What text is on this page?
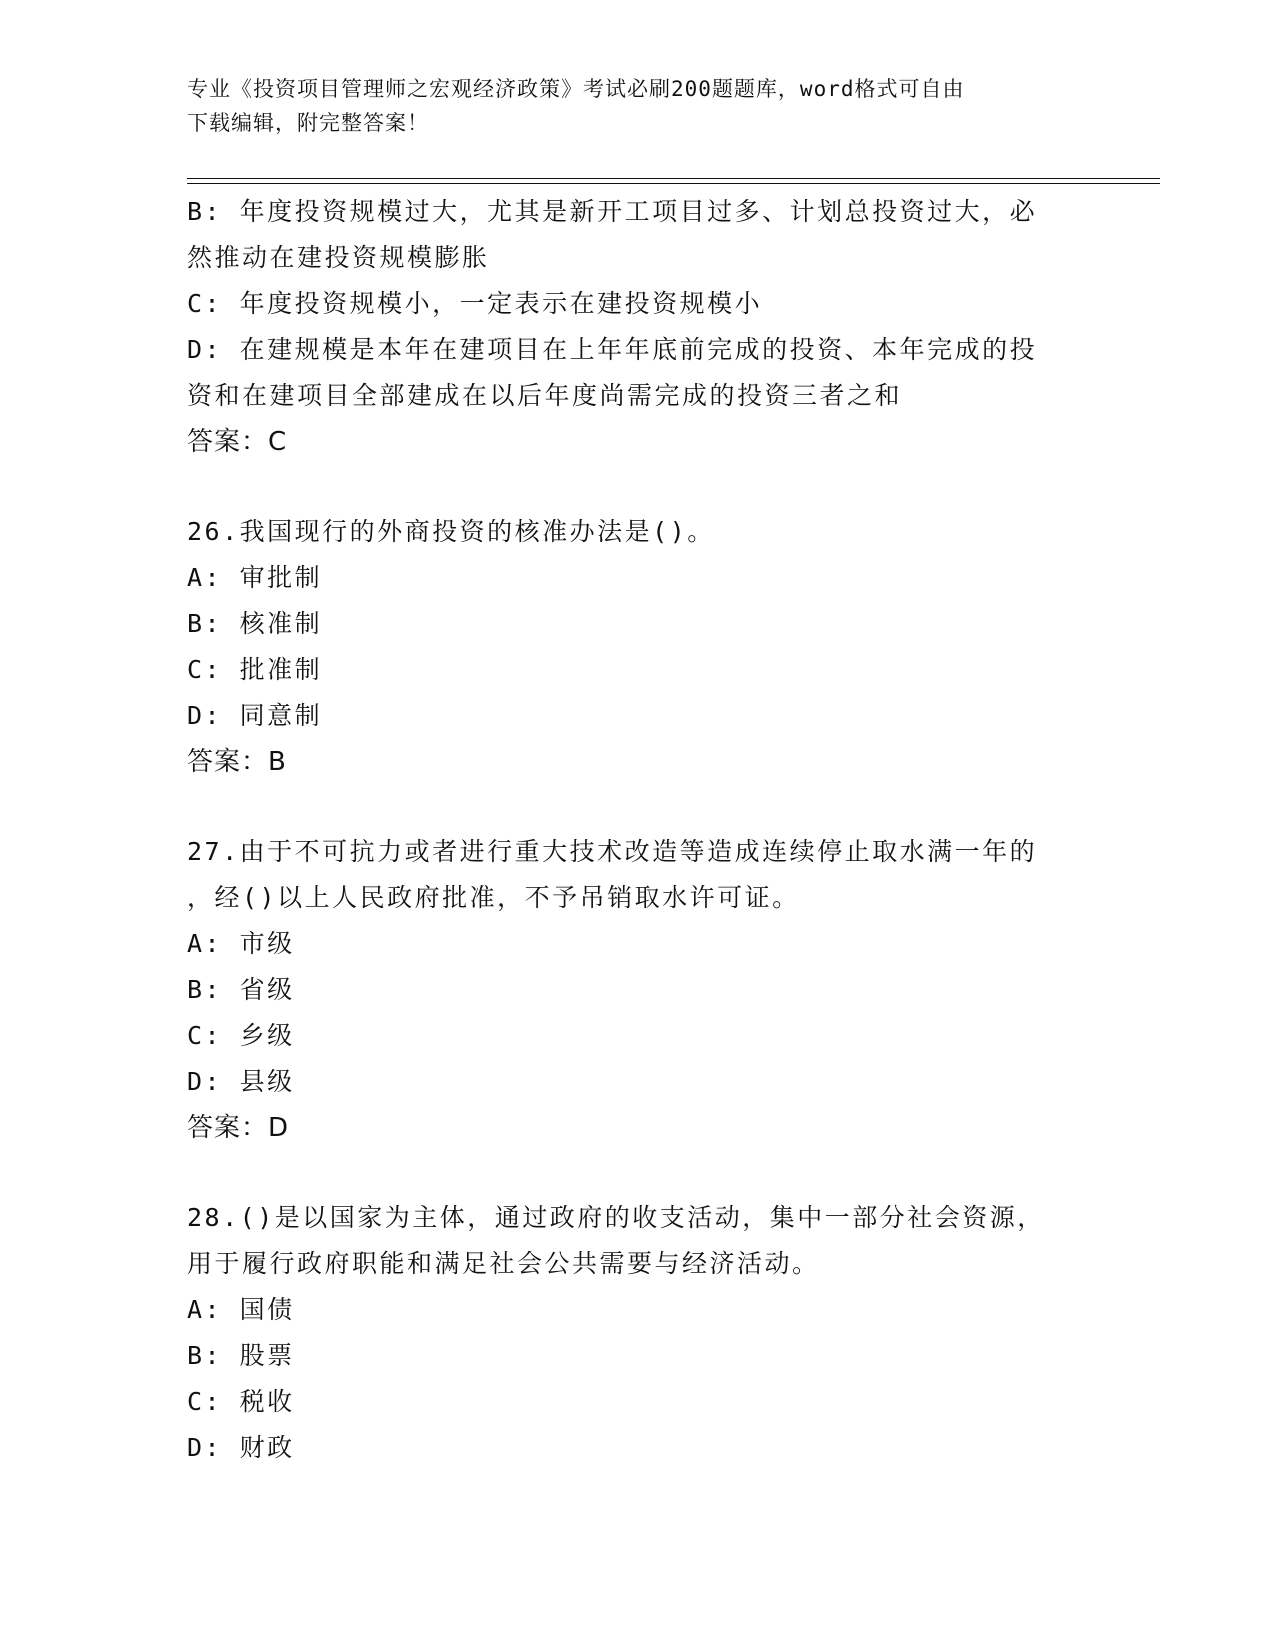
专业《投资项目管理师之宏观经济政策》考试必刷200题题库，word格式可自由
下载编辑，附完整答案！
B: 年度投资规模过大，尤其是新开工项目过多、计划总投资过大，必
然推动在建投资规模膨胀
C: 年度投资规模小，一定表示在建投资规模小
D: 在建规模是本年在建项目在上年年底前完成的投资、本年完成的投
资和在建项目全部建成在以后年度尚需完成的投资三者之和
答案：C
26.我国现行的外商投资的核准办法是()。
A: 审批制
B: 核准制
C: 批准制
D: 同意制
答案：B
27.由于不可抗力或者进行重大技术改造等造成连续停止取水满一年的
，经()以上人民政府批准，不予吊销取水许可证。
A: 市级
B: 省级
C: 乡级
D: 县级
答案：D
28.()是以国家为主体，通过政府的收支活动，集中一部分社会资源，
用于履行政府职能和满足社会公共需要与经济活动。
A: 国债
B: 股票
C: 税收
D: 财政
